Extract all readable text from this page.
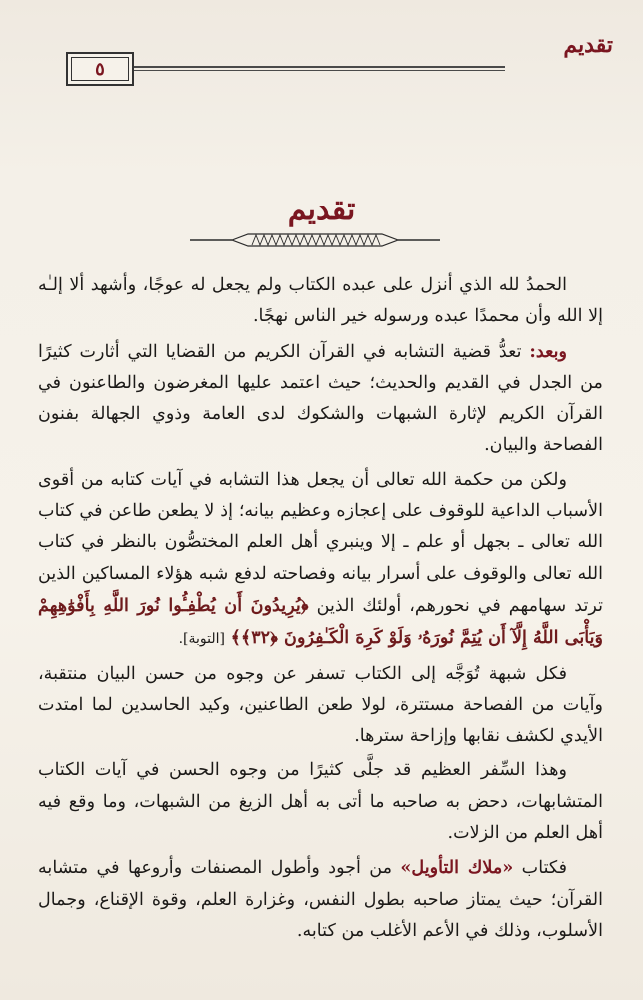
تقديم
٥
تقديم

الحمدُ لله الذي أنزل على عبده الكتاب ولم يجعل له عوجًا، وأشهد ألا إلـٰه إلا الله وأن محمدًا عبده ورسوله خير الناس نهجًا.

وبعد: تعدُّ قضية التشابه في القرآن الكريم من القضايا التي أثارت كثيرًا من الجدل في القديم والحديث؛ حيث اعتمد عليها المغرضون والطاعنون في القرآن الكريم لإثارة الشبهات والشكوك لدى العامة وذوي الجهالة بفنون الفصاحة والبيان.

ولكن من حكمة الله تعالى أن يجعل هذا التشابه في آيات كتابه من أقوى الأسباب الداعية للوقوف على إعجازه وعظيم بيانه؛ إذ لا يطعن طاعن في كتاب الله تعالى ـ بجهل أو علم ـ إلا وينبري أهل العلم المختصُّون بالنظر في كتاب الله تعالى والوقوف على أسرار بيانه وفصاحته لدفع شبه هؤلاء المساكين الذين ترتد سهامهم في نحورهم، أولئك الذين ﴿يُرِيدُونَ أَن يُطْفِـُٔوا نُورَ اللَّهِ بِأَفْوَٰهِهِمْ وَيَأْبَى اللَّهُ إِلَّآ أَن يُتِمَّ نُورَهُۥ وَلَوْ كَرِهَ الْكَـٰفِرُونَ ﴿٣٢﴾﴾ [التوبة].

فكل شبهة تُوَجَّه إلى الكتاب تسفر عن وجوه من حسن البيان منتقبة، وآيات من الفصاحة مستترة، لولا طعن الطاعنين، وكيد الحاسدين لما امتدت الأيدي لكشف نقابها وإزاحة سترها.

وهذا السِّفر العظيم قد جلَّى كثيرًا من وجوه الحسن في آيات الكتاب المتشابهات، دحض به صاحبه ما أتى به أهل الزيغ من الشبهات، وما وقع فيه أهل العلم من الزلات.

فكتاب «ملاك التأويل» من أجود وأطول المصنفات وأروعها في متشابه القرآن؛ حيث يمتاز صاحبه بطول النفس، وغزارة العلم، وقوة الإقناع، وجمال الأسلوب، وذلك في الأعم الأغلب من كتابه.
